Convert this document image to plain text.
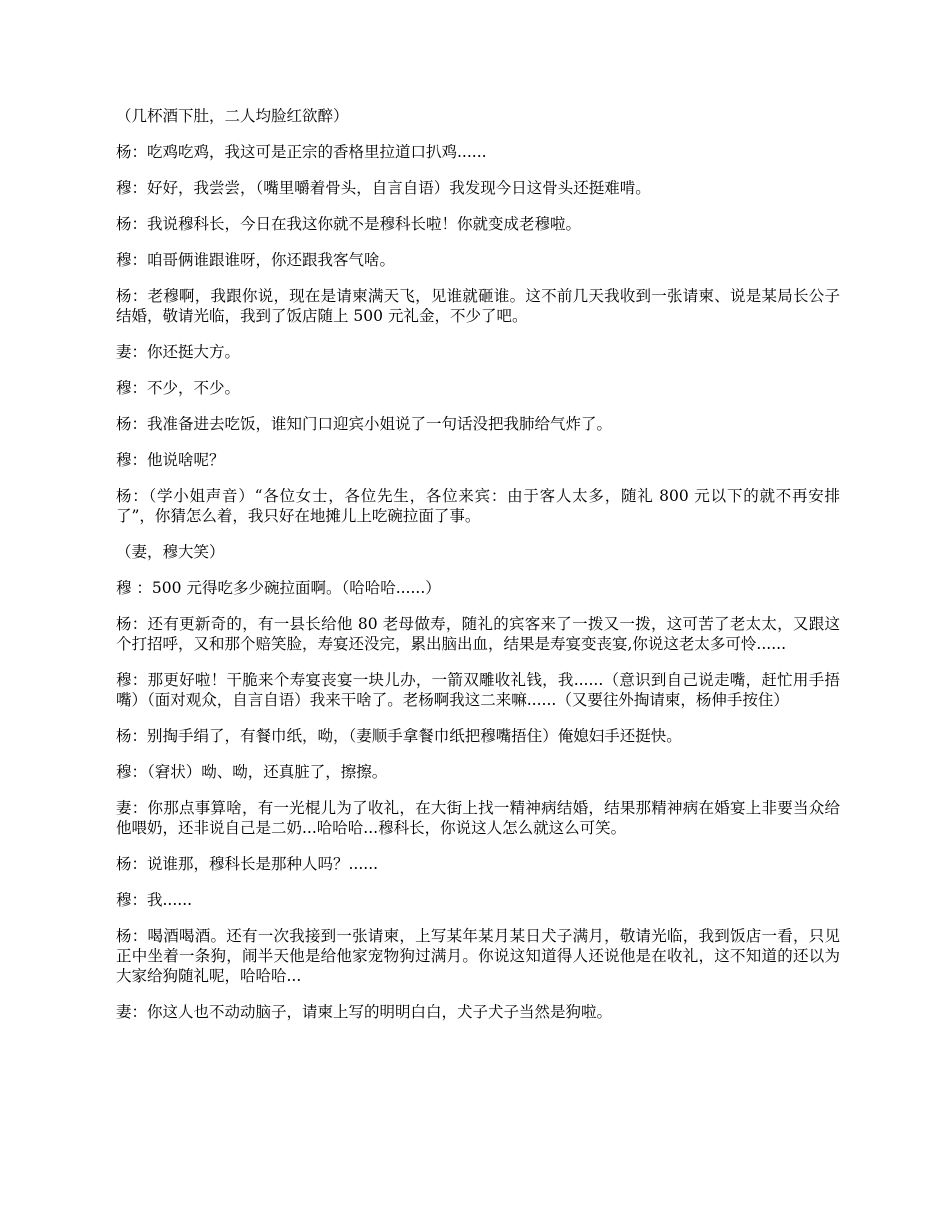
（几杯酒下肚，二人均脸红欲醉）

杨：吃鸡吃鸡，我这可是正宗的香格里拉道口扒鸡......

穆：好好，我尝尝，（嘴里嚼着骨头，自言自语）我发现今日这骨头还挺难啃。

杨：我说穆科长，今日在我这你就不是穆科长啦！你就变成老穆啦。

穆：咱哥俩谁跟谁呀，你还跟我客气啥。

杨：老穆啊，我跟你说，现在是请柬满天飞，见谁就砸谁。这不前几天我收到一张请柬、说是某局长公子结婚，敬请光临，我到了饭店随上 500 元礼金，不少了吧。

妻：你还挺大方。

穆：不少，不少。

杨：我准备进去吃饭，谁知门口迎宾小姐说了一句话没把我肺给气炸了。

穆：他说啥呢？

杨：（学小姐声音）“各位女士，各位先生，各位来宾：由于客人太多，随礼 800 元以下的就不再安排了”，你猜怎么着，我只好在地摊儿上吃碗拉面了事。

（妻，穆大笑）

穆 ：500 元得吃多少碗拉面啊。（哈哈哈......）

杨：还有更新奇的，有一县长给他 80 老母做寿，随礼的宾客来了一拨又一拨，这可苦了老太太，又跟这个打招呼，又和那个赔笑脸，寿宴还没完，累出脑出血，结果是寿宴变丧宴,你说这老太多可怜......

穆：那更好啦！干脆来个寿宴丧宴一块儿办，一箭双雕收礼钱，我......（意识到自己说走嘴，赶忙用手捂嘴）（面对观众，自言自语）我来干啥了。老杨啊我这二来嘛......（又要往外掏请柬，杨伸手按住）

杨：别掏手绢了，有餐巾纸，呦，（妻顺手拿餐巾纸把穆嘴捂住）俺媳妇手还挺快。

穆：（窘状）呦、呦，还真脏了，擦擦。

妻：你那点事算啥，有一光棍儿为了收礼，在大街上找一精神病结婚，结果那精神病在婚宴上非要当众给他喂奶，还非说自己是二奶...哈哈哈...穆科长，你说这人怎么就这么可笑。

杨：说谁那，穆科长是那种人吗？......

穆：我......

杨：喝酒喝酒。还有一次我接到一张请柬，上写某年某月某日犬子满月，敬请光临，我到饭店一看，只见正中坐着一条狗，闹半天他是给他家宠物狗过满月。你说这知道得人还说他是在收礼，这不知道的还以为大家给狗随礼呢，哈哈哈...

妻：你这人也不动动脑子，请柬上写的明明白白，犬子犬子当然是狗啦。
